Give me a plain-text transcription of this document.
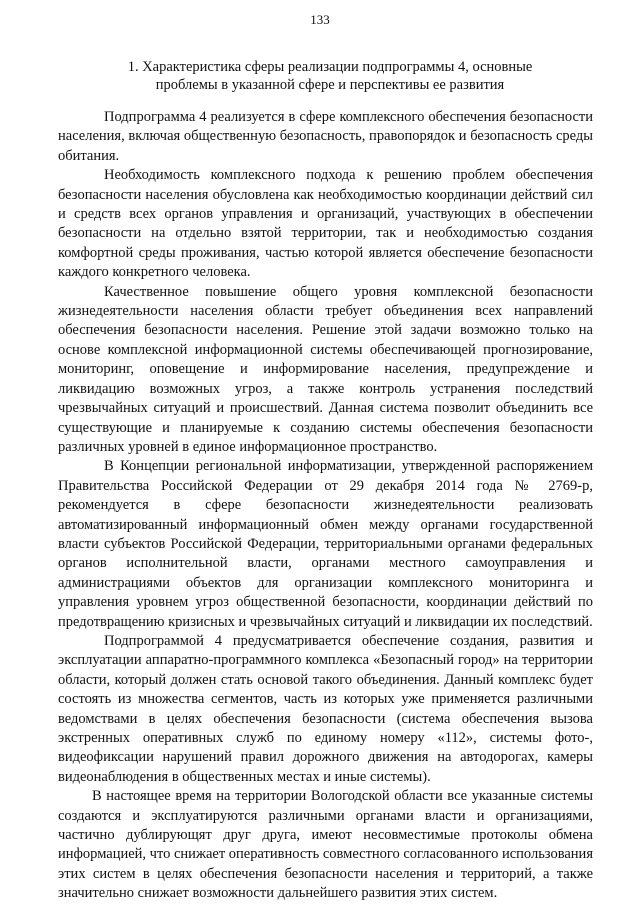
133
1. Характеристика сферы реализации подпрограммы 4, основные
проблемы в указанной сфере и перспективы ее развития

Подпрограмма 4 реализуется в сфере комплексного обеспечения безопасности населения, включая общественную безопасность, правопорядок и безопасность среды обитания.

Необходимость комплексного подхода к решению проблем обеспечения безопасности населения обусловлена как необходимостью координации действий сил и средств всех органов управления и организаций, участвующих в обеспечении безопасности на отдельно взятой территории, так и необходимостью создания комфортной среды проживания, частью которой является обеспечение безопасности каждого конкретного человека.

Качественное повышение общего уровня комплексной безопасности жизнедеятельности населения области требует объединения всех направлений обеспечения безопасности населения. Решение этой задачи возможно только на основе комплексной информационной системы обеспечивающей прогнозирование, мониторинг, оповещение и информирование населения, предупреждение и ликвидацию возможных угроз, а также контроль устранения последствий чрезвычайных ситуаций и происшествий. Данная система позволит объединить все существующие и планируемые к созданию системы обеспечения безопасности различных уровней в единое информационное пространство.

В Концепции региональной информатизации, утвержденной распоряжением Правительства Российской Федерации от 29 декабря 2014 года № 2769-р, рекомендуется в сфере безопасности жизнедеятельности реализовать автоматизированный информационный обмен между органами государственной власти субъектов Российской Федерации, территориальными органами федеральных органов исполнительной власти, органами местного самоуправления и администрациями объектов для организации комплексного мониторинга и управления уровнем угроз общественной безопасности, координации действий по предотвращению кризисных и чрезвычайных ситуаций и ликвидации их последствий.

Подпрограммой 4 предусматривается обеспечение создания, развития и эксплуатации аппаратно-программного комплекса «Безопасный город» на территории области, который должен стать основой такого объединения. Данный комплекс будет состоять из множества сегментов, часть из которых уже применяется различными ведомствами в целях обеспечения безопасности (система обеспечения вызова экстренных оперативных служб по единому номеру «112», системы фото-, видеофиксации нарушений правил дорожного движения на автодорогах, камеры видеонаблюдения в общественных местах и иные системы).

В настоящее время на территории Вологодской области все указанные системы создаются и эксплуатируются различными органами власти и организациями, частично дублирующят друг друга, имеют несовместимые протоколы обмена информацией, что снижает оперативность совместного согласованного использования этих систем в целях обеспечения безопасности населения и территорий, а также значительно снижает возможности дальнейшего развития этих систем.
